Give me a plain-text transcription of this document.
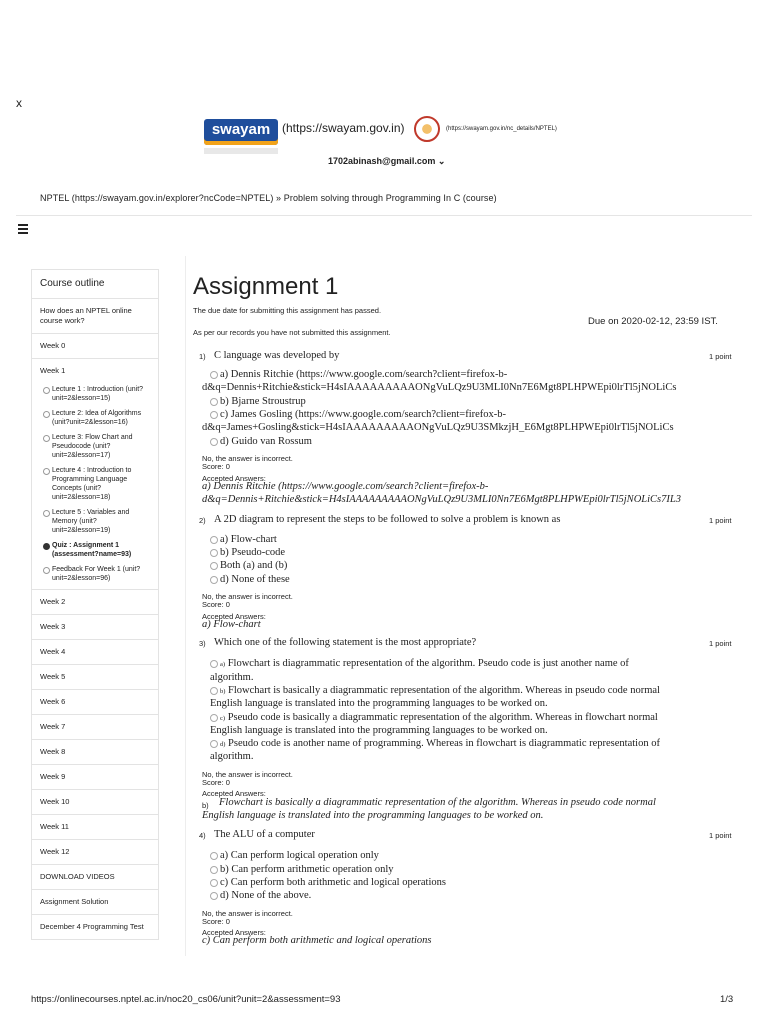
x
swayam (https://swayam.gov.in)	(https://swayam.gov.in/nc_details/NPTEL)
1702abinash@gmail.com ⌄
NPTEL (https://swayam.gov.in/explorer?ncCode=NPTEL) » Problem solving through Programming In C (course)
Course outline
How does an NPTEL online course work?
Week 0
Week 1
Lecture 1 : Introduction (unit?unit=2&lesson=15)
Lecture 2: Idea of Algorithms (unit?unit=2&lesson=16)
Lecture 3: Flow Chart and Pseudocode (unit?unit=2&lesson=17)
Lecture 4 : Introduction to Programming Language Concepts (unit?unit=2&lesson=18)
Lecture 5 : Variables and Memory (unit?unit=2&lesson=19)
Quiz : Assignment 1 (assessment?name=93)
Feedback For Week 1 (unit?unit=2&lesson=96)
Week 2
Week 3
Week 4
Week 5
Week 6
Week 7
Week 8
Week 9
Week 10
Week 11
Week 12
DOWNLOAD VIDEOS
Assignment Solution
December 4 Programming Test
Assignment 1
The due date for submitting this assignment has passed.
Due on 2020-02-12, 23:59 IST.
As per our records you have not submitted this assignment.
1) C language was developed by	1 point
a) Dennis Ritchie (https://www.google.com/search?client=firefox-b-
d&q=Dennis+Ritchie&stick=H4sIAAAAAAAAAONgVuLQz9U3MLI0Nn7E6Mgt8PLHPWEpi0lrTl5jNOLiCs
b) Bjarne Stroustrup
c) James Gosling (https://www.google.com/search?client=firefox-b-
d&q=James+Gosling&stick=H4sIAAAAAAAAAONgVuLQz9U3SMkzjH_E6Mgt8PLHPWEpi0lrTl5jNOLiCs
d) Guido van Rossum
No, the answer is incorrect.
Score: 0
Accepted Answers:
a) Dennis Ritchie (https://www.google.com/search?client=firefox-b-
d&q=Dennis+Ritchie&stick=H4sIAAAAAAAAAONgVuLQz9U3MLI0Nn7E6Mgt8PLHPWEpi0lrTl5jNOLiCs7IL3
2) A 2D diagram to represent the steps to be followed to solve a problem is known as	1 point
a) Flow-chart
b) Pseudo-code
Both (a) and (b)
d) None of these
No, the answer is incorrect.
Score: 0
Accepted Answers:
a) Flow-chart
3) Which one of the following statement is the most appropriate?	1 point
a) Flowchart is diagrammatic representation of the algorithm. Pseudo code is just another name of
algorithm.
b) Flowchart is basically a diagrammatic representation of the algorithm. Whereas in pseudo code normal
English language is translated into the programming languages to be worked on.
c) Pseudo code is basically a diagrammatic representation of the algorithm. Whereas in flowchart normal
English language is translated into the programming languages to be worked on.
d) Pseudo code is another name of programming. Whereas in flowchart is diagrammatic representation of
algorithm.
No, the answer is incorrect.
Score: 0
Accepted Answers:
b) Flowchart is basically a diagrammatic representation of the algorithm. Whereas in pseudo code normal
English language is translated into the programming languages to be worked on.
4) The ALU of a computer	1 point
a) Can perform logical operation only
b) Can perform arithmetic operation only
c) Can perform both arithmetic and logical operations
d) None of the above.
No, the answer is incorrect.
Score: 0
Accepted Answers:
c) Can perform both arithmetic and logical operations
https://onlinecourses.nptel.ac.in/noc20_cs06/unit?unit=2&assessment=93	1/3
